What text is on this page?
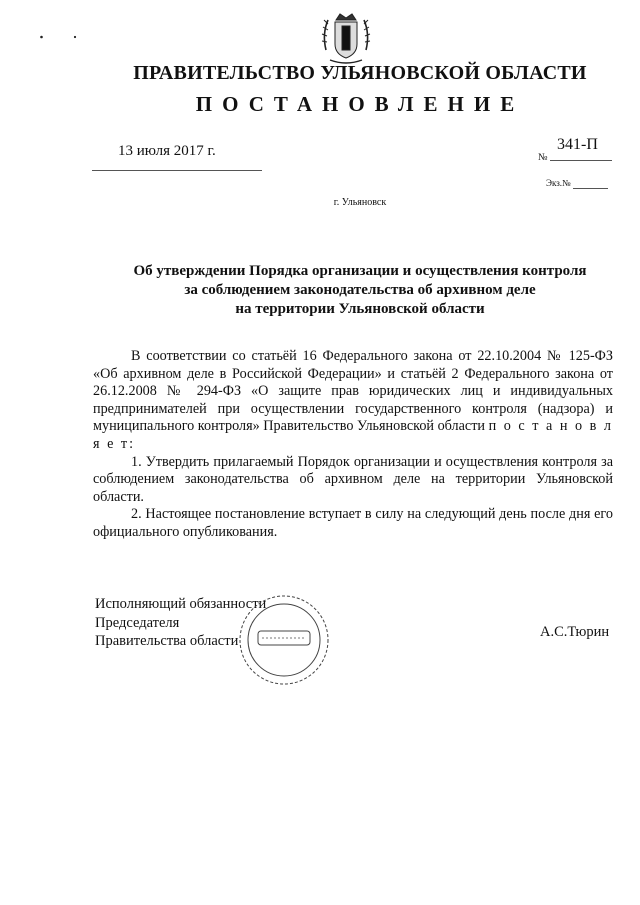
ПРАВИТЕЛЬСТВО УЛЬЯНОВСКОЙ ОБЛАСТИ
ПОСТАНОВЛЕНИЕ
13 июля 2017 г.	№
341-П
Экз.№
г. Ульяновск
Об утверждении Порядка организации и осуществления контроля
за соблюдением законодательства об архивном деле
на территории Ульяновской области

В соответствии со статьёй 16 Федерального закона от 22.10.2004 № 125-ФЗ «Об архивном деле в Российской Федерации» и статьёй 2 Федерального закона от 26.12.2008 № 294-ФЗ «О защите прав юридических лиц и индивидуальных предпринимателей при осуществлении государственного контроля (надзора) и муниципального контроля» Правительство Ульяновской области п о с т а н о в л я е т:

1. Утвердить прилагаемый Порядок организации и осуществления контроля за соблюдением законодательства об архивном деле на территории Ульяновской области.

2. Настоящее постановление вступает в силу на следующий день после дня его официального опубликования.

Исполняющий обязанности
Председателя
Правительства области
А.С.Тюрин
